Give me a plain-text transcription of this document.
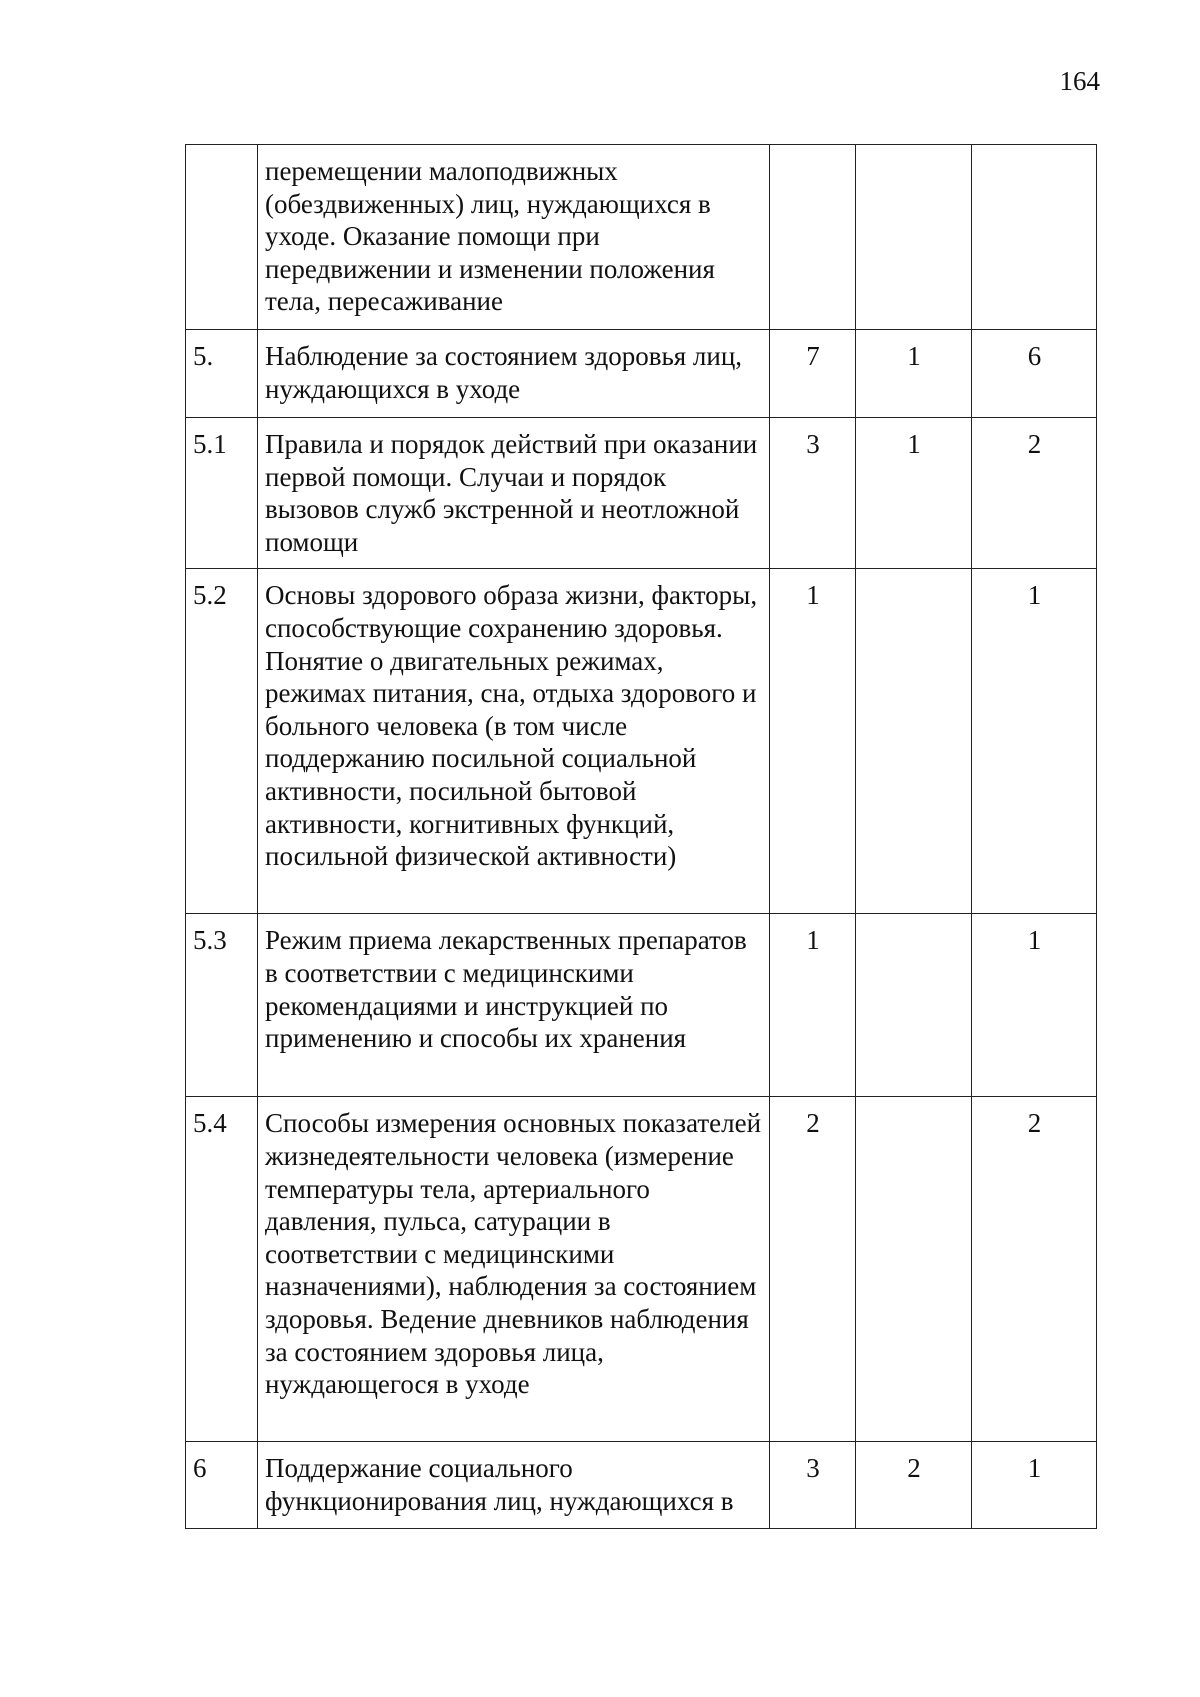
164
	перемещении малоподвижных (обездвиженных) лиц, нуждающихся в уходе. Оказание помощи при передвижении и изменении положения тела, пересаживание			
5.	Наблюдение за состоянием здоровья лиц, нуждающихся в уходе	7	1	6
5.1	Правила и порядок действий при оказании первой помощи. Случаи и порядок вызовов служб экстренной и неотложной помощи	3	1	2
5.2	Основы здорового образа жизни, факторы, способствующие сохранению здоровья. Понятие о двигательных режимах, режимах питания, сна, отдыха здорового и больного человека (в том числе поддержанию посильной социальной активности, посильной бытовой активности, когнитивных функций, посильной физической активности)	1		1
5.3	Режим приема лекарственных препаратов в соответствии с медицинскими рекомендациями и инструкцией по применению и способы их хранения	1		1
5.4	Способы измерения основных показателей жизнедеятельности человека (измерение температуры тела, артериального давления, пульса, сатурации в соответствии с медицинскими назначениями), наблюдения за состоянием здоровья. Ведение дневников наблюдения за состоянием здоровья лица, нуждающегося в уходе	2		2
6	Поддержание социального функционирования лиц, нуждающихся в	3	2	1
